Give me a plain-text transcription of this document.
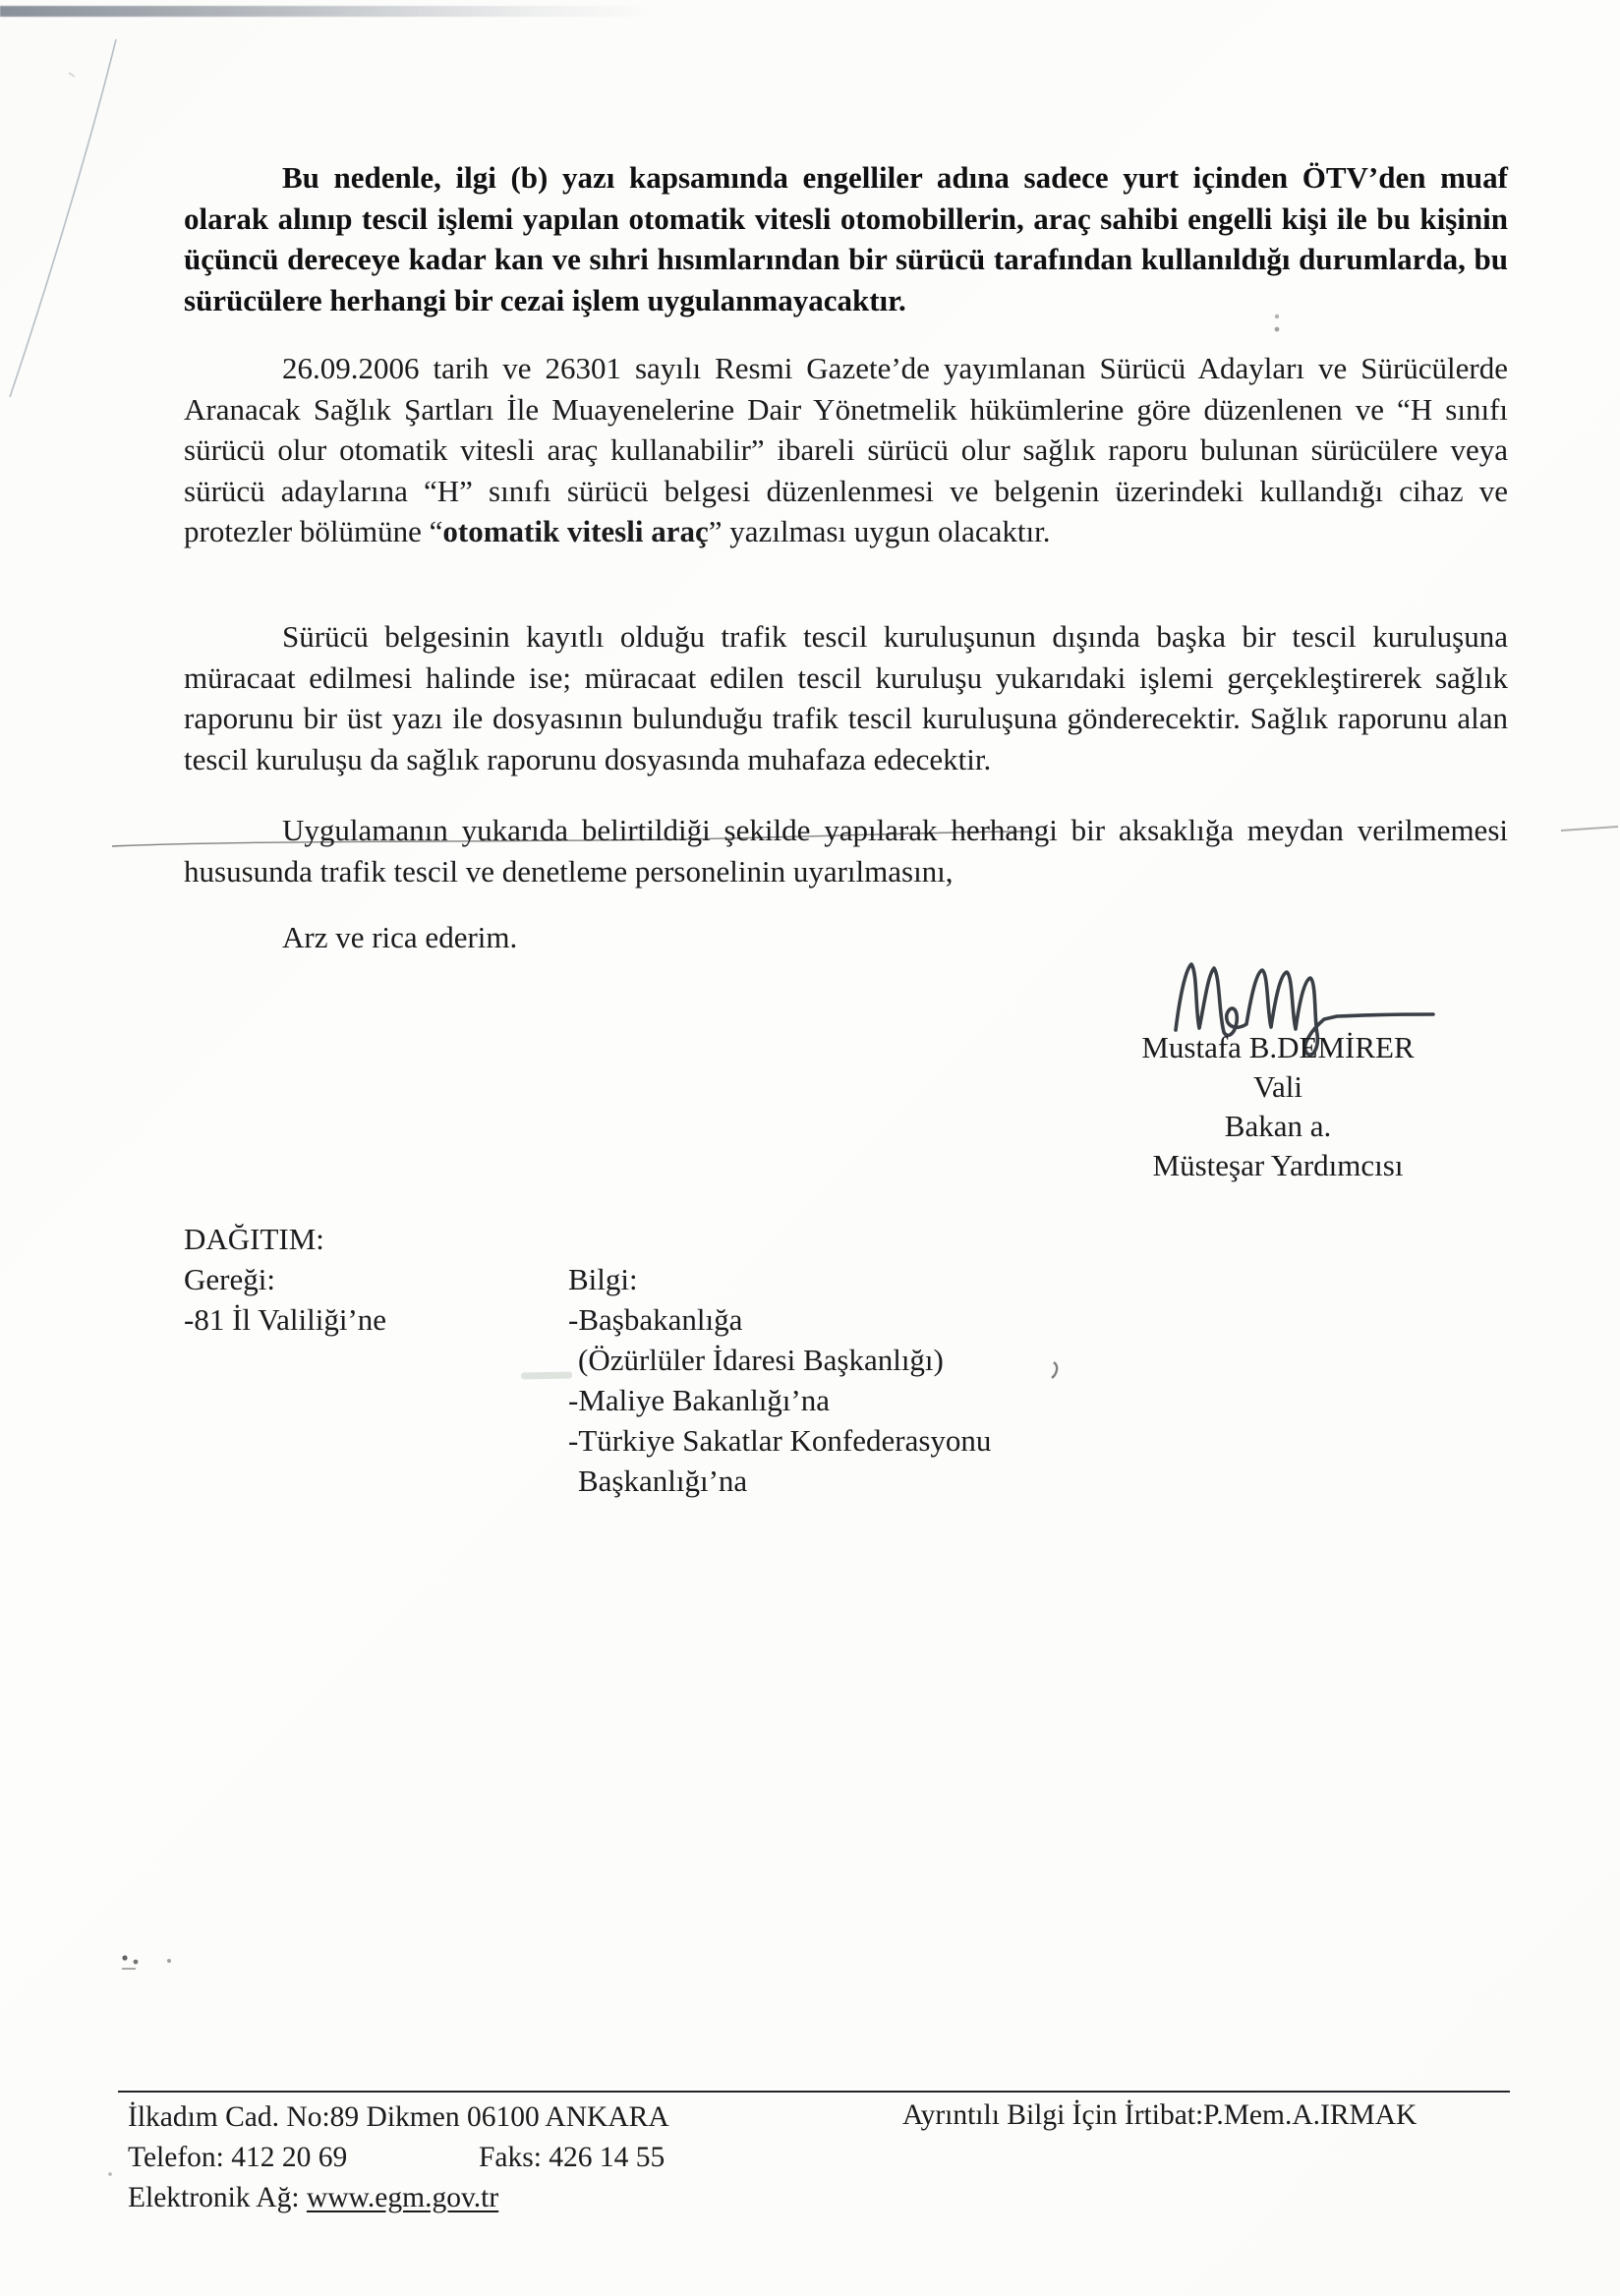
Bu nedenle, ilgi (b) yazı kapsamında engelliler adına sadece yurt içinden ÖTV’den muaf olarak alınıp tescil işlemi yapılan otomatik vitesli otomobillerin, araç sahibi engelli kişi ile bu kişinin üçüncü dereceye kadar kan ve sıhri hısımlarından bir sürücü tarafından kullanıldığı durumlarda, bu sürücülere herhangi bir cezai işlem uygulanmayacaktır.

26.09.2006 tarih ve 26301 sayılı Resmi Gazete’de yayımlanan Sürücü Adayları ve Sürücülerde Aranacak Sağlık Şartları İle Muayenelerine Dair Yönetmelik hükümlerine göre düzenlenen ve “H sınıfı sürücü olur otomatik vitesli araç kullanabilir” ibareli sürücü olur sağlık raporu bulunan sürücülere veya sürücü adaylarına “H” sınıfı sürücü belgesi düzenlenmesi ve belgenin üzerindeki kullandığı cihaz ve protezler bölümüne “otomatik vitesli araç” yazılması uygun olacaktır.

Sürücü belgesinin kayıtlı olduğu trafik tescil kuruluşunun dışında başka bir tescil kuruluşuna müracaat edilmesi halinde ise; müracaat edilen tescil kuruluşu yukarıdaki işlemi gerçekleştirerek sağlık raporunu bir üst yazı ile dosyasının bulunduğu trafik tescil kuruluşuna gönderecektir. Sağlık raporunu alan tescil kuruluşu da sağlık raporunu dosyasında muhafaza edecektir.

Uygulamanın yukarıda belirtildiği şekilde yapılarak herhangi bir aksaklığa meydan verilmemesi hususunda trafik tescil ve denetleme personelinin uyarılmasını,

Arz ve rica ederim.

Mustafa B.DEMİRER
Vali
Bakan a.
Müsteşar Yardımcısı
DAĞITIM:
Gereği:
-81 İl Valiliği’ne
Bilgi:
-Başbakanlığa
(Özürlüler İdaresi Başkanlığı)
-Maliye Bakanlığı’na
-Türkiye Sakatlar Konfederasyonu
Başkanlığı’na
İlkadım Cad. No:89 Dikmen 06100 ANKARA	Ayrıntılı Bilgi İçin İrtibat:P.Mem.A.IRMAK
Telefon: 412 20 69	Faks: 426 14 55
Elektronik Ağ: www.egm.gov.tr
